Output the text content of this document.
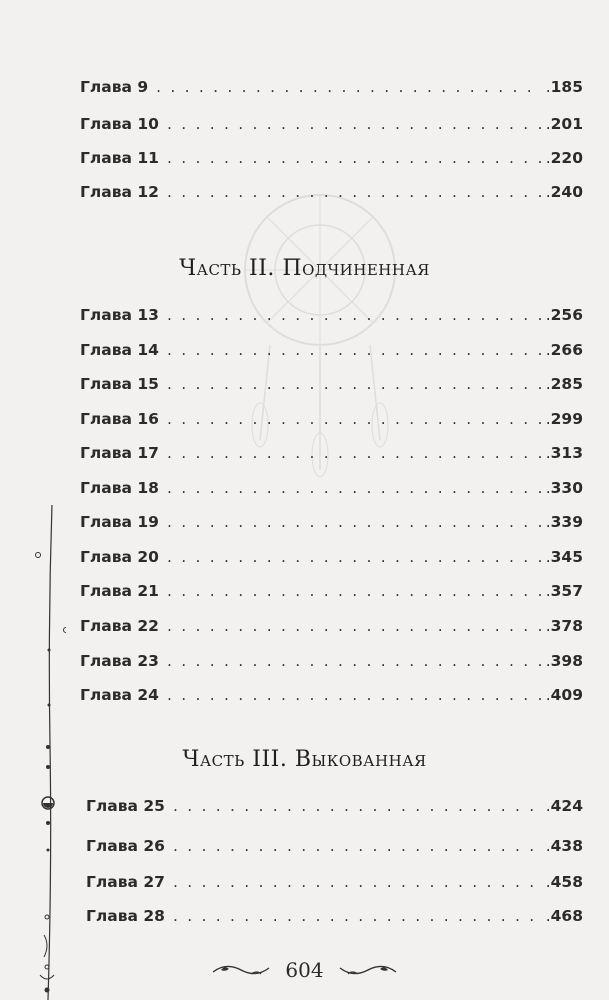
Глава 9 . . .	. 185
Глава 10 . . .	. 201
Глава 11 . . .	. 220
Глава 12 . . .	. 240
Часть II. Подчиненная
Глава 13 . . .	. 256
Глава 14 . . .	. 266
Глава 15 . . .	. 285
Глава 16 . . .	. 299
Глава 17 . . .	. 313
Глава 18 . . .	. 330
Глава 19 . . .	. 339
Глава 20 . . .	. 345
Глава 21 . . .	. 357
Глава 22 . . .	. 378
Глава 23 . . .	. 398
Глава 24 . . .	. 409
Часть III. Выкованная
Глава 25 . . .	. 424
Глава 26 . . .	. 438
Глава 27 . . .	. 458
Глава 28 . . .	. 468
604
